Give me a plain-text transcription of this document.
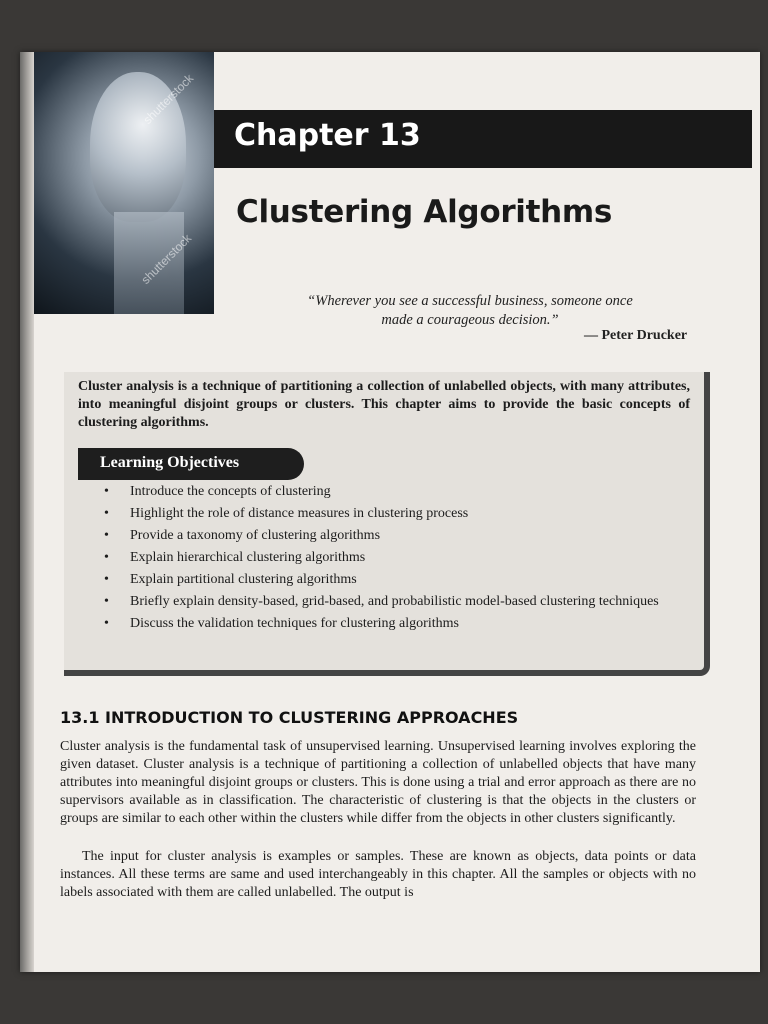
shutterstock
shutterstock
Chapter 13
Clustering Algorithms
“Wherever you see a successful business, someone once made a courageous decision.”
— Peter Drucker
Cluster analysis is a technique of partitioning a collection of unlabelled objects, with many attributes, into meaningful disjoint groups or clusters. This chapter aims to provide the basic concepts of clustering algorithms.
Learning Objectives
• Introduce the concepts of clustering
• Highlight the role of distance measures in clustering process
• Provide a taxonomy of clustering algorithms
• Explain hierarchical clustering algorithms
• Explain partitional clustering algorithms
• Briefly explain density-based, grid-based, and probabilistic model-based clustering techniques
• Discuss the validation techniques for clustering algorithms
13.1 INTRODUCTION TO CLUSTERING APPROACHES

Cluster analysis is the fundamental task of unsupervised learning. Unsupervised learning involves exploring the given dataset. Cluster analysis is a technique of partitioning a collection of unlabelled objects that have many attributes into meaningful disjoint groups or clusters. This is done using a trial and error approach as there are no supervisors available as in classification. The characteristic of clustering is that the objects in the clusters or groups are similar to each other within the clusters while differ from the objects in other clusters significantly.

The input for cluster analysis is examples or samples. These are known as objects, data points or data instances. All these terms are same and used interchangeably in this chapter. All the samples or objects with no labels associated with them are called unlabelled. The output is
